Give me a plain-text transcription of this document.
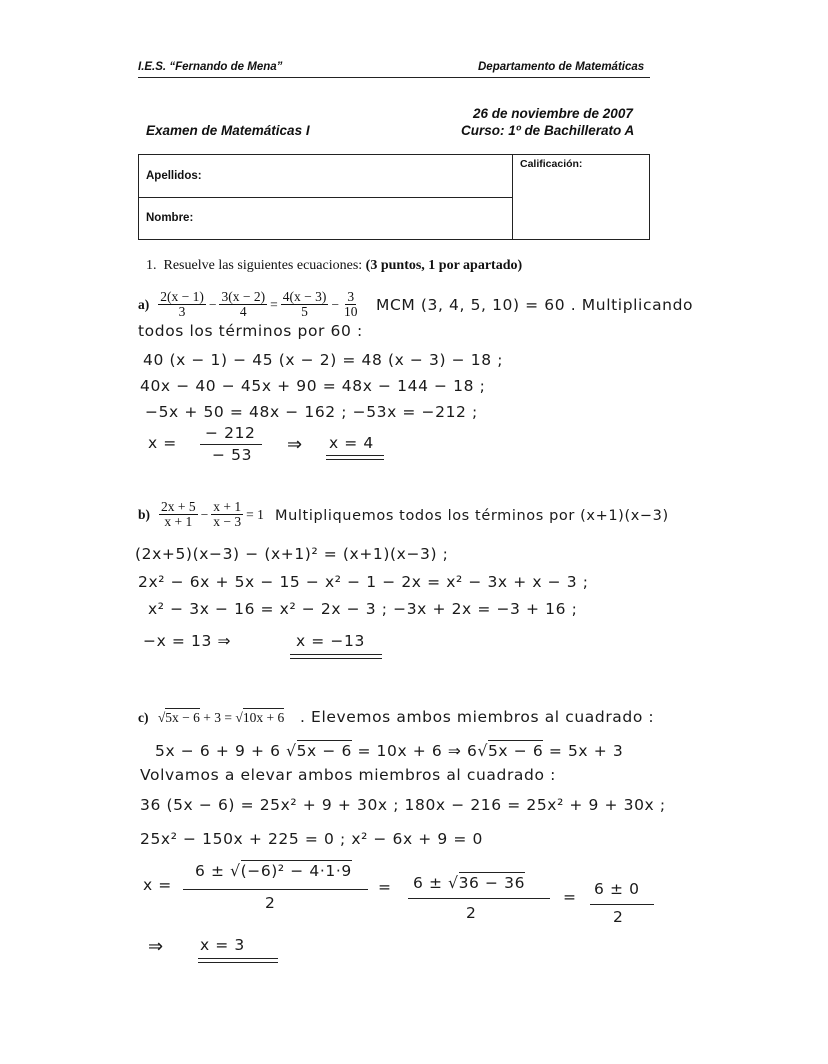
I.E.S. “Fernando de Mena”	Departamento de Matemáticas
26 de noviembre de 2007
Examen de Matemáticas I	Curso: 1º de Bachillerato A
Apellidos:
Nombre:
Calificación:
1. Resuelve las siguientes ecuaciones: (3 puntos, 1 por apartado)
$a) \frac{2(x - 1)}{3} - \frac{3(x - 2)}{4} = \frac{4(x - 3)}{5} - \frac{3}{10}$ MCM (3, 4, 5, 10) = 60 . Multiplicando
todos los términos por 60 :
40 (x − 1) − 45 (x − 2) = 48 (x − 3) − 18 ;
40x − 40 − 45x + 90 = 48x − 144 − 18 ;
−5x + 50 = 48x − 162 ; −53x = −212 ;
x =
− 212
− 53 ⇒ x = 4
$b) \frac{2x + 5}{x + 1} - \frac{x + 1}{x - 3} = 1$ Multipliquemos todos los términos por (x+1)(x−3)
(2x+5)(x−3) − (x+1)² = (x+1)(x−3) ;
2x² − 6x + 5x − 15 − x² − 1 − 2x = x² − 3x + x − 3 ;
x² − 3x − 16 = x² − 2x − 3 ; −3x + 2x = −3 + 16 ;
−x = 13 ⇒	x = −13
c) √5x − 6 + 3 = √10x + 6 . Elevemos ambos miembros al cuadrado :
5x − 6 + 9 + 6 √5x − 6 = 10x + 6 ⇒ 6√5x − 6 = 5x + 3
Volvamos a elevar ambos miembros al cuadrado :
36 (5x − 6) = 25x² + 9 + 30x ; 180x − 216 = 25x² + 9 + 30x ;
25x² − 150x + 225 = 0 ; x² − 6x + 9 = 0
x =
6 ± √(−6)² − 4·1·9
2
= 6 ± √36 − 36
2
= 6 ± 0
2
⇒ x = 3
